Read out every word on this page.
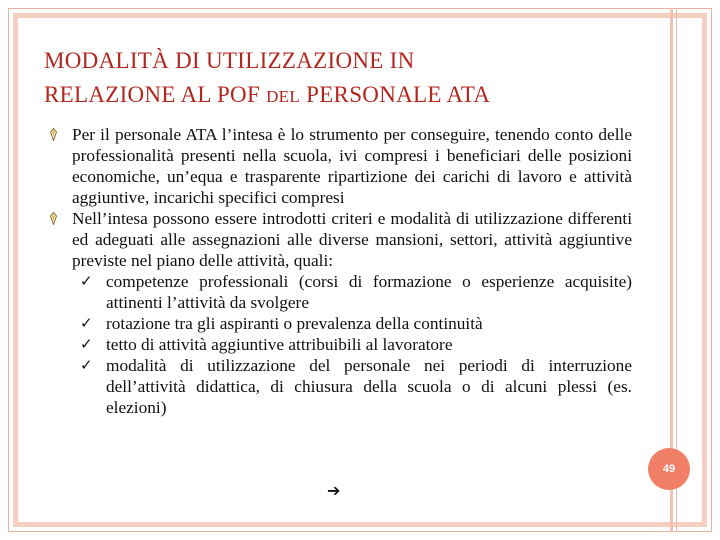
MODALITÀ DI UTILIZZAZIONE IN
RELAZIONE AL POF DEL PERSONALE ATA
Per il personale ATA l’intesa è lo strumento per conseguire, tenendo conto delle professionalità presenti nella scuola, ivi compresi i beneficiari delle posizioni economiche, un’equa e trasparente ripartizione dei carichi di lavoro e attività aggiuntive, incarichi specifici compresi
Nell’intesa possono essere introdotti criteri e modalità di utilizzazione differenti ed adeguati alle assegnazioni alle diverse mansioni, settori, attività aggiuntive previste nel piano delle attività, quali:
✓ competenze professionali (corsi di formazione o esperienze acquisite) attinenti l’attività da svolgere
✓ rotazione tra gli aspiranti o prevalenza della continuità
✓ tetto di attività aggiuntive attribuibili al lavoratore
✓ modalità di utilizzazione del personale nei periodi di interruzione dell’attività didattica, di chiusura della scuola o di alcuni plessi (es. elezioni)
➔
49
